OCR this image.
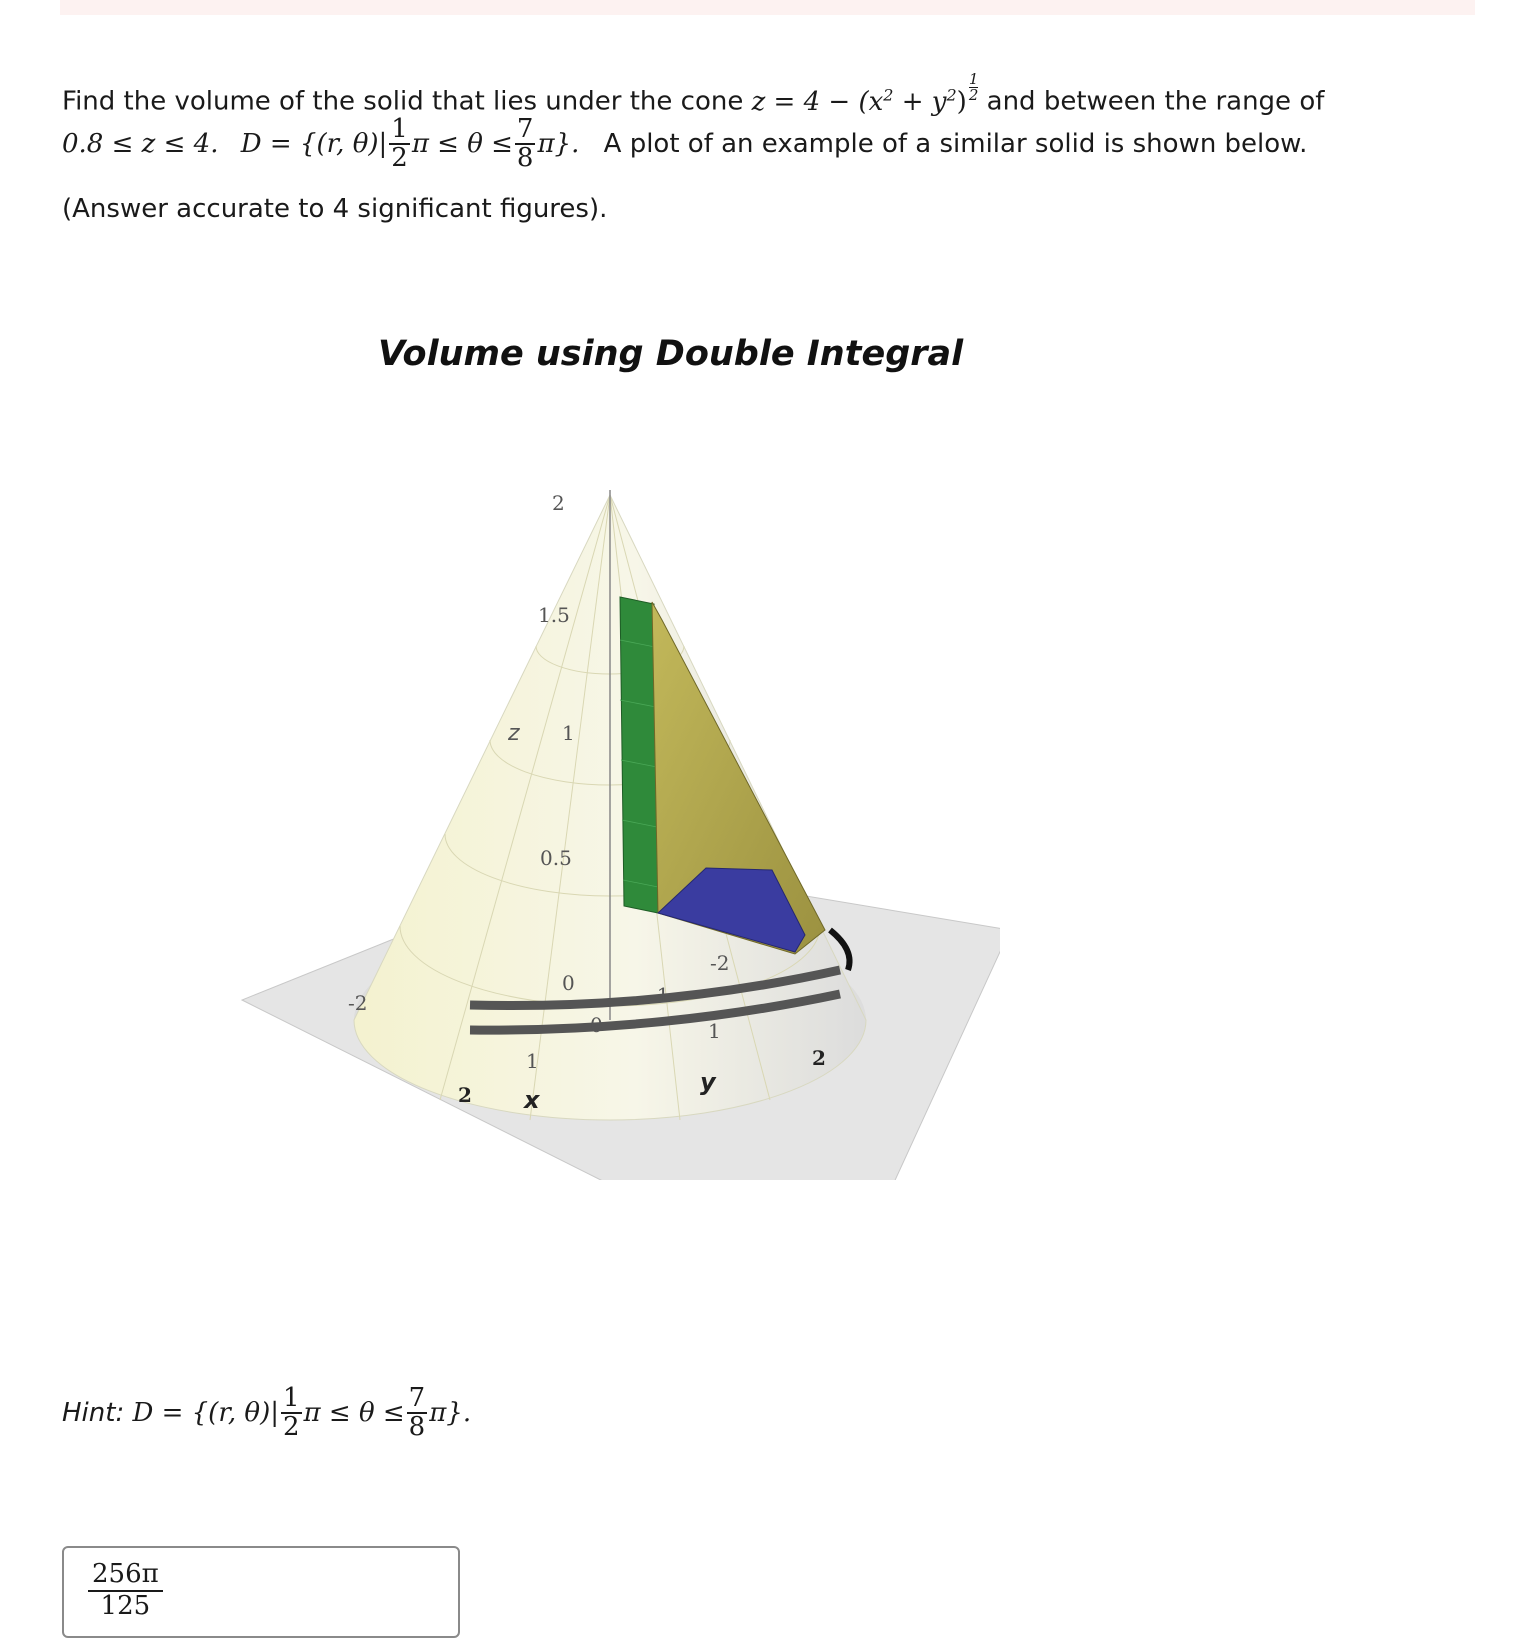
Find the volume of the solid that lies under the cone $z = 4 - (x^2 + y^2) \frac{1}{2}$ and between the range of
0.8 ≤ z ≤ 4. D = {(r, $\theta)| \frac{1}{2}$ $\pi \le \theta \le \frac{7}{8} \pi$}. A plot of an example of a similar solid is shown below.
(Answer accurate to 4 significant figures).
Volume using Double Integral
2
1.5
1
0.5
0
z
-2
2
1
x
-2
-1
0	1
2
y
Hint: D = {(r, $\theta)| \frac{1}{2}$ $\pi \le \theta \le \frac{7}{8} \pi$}.
$\frac{256\pi}{125}$
